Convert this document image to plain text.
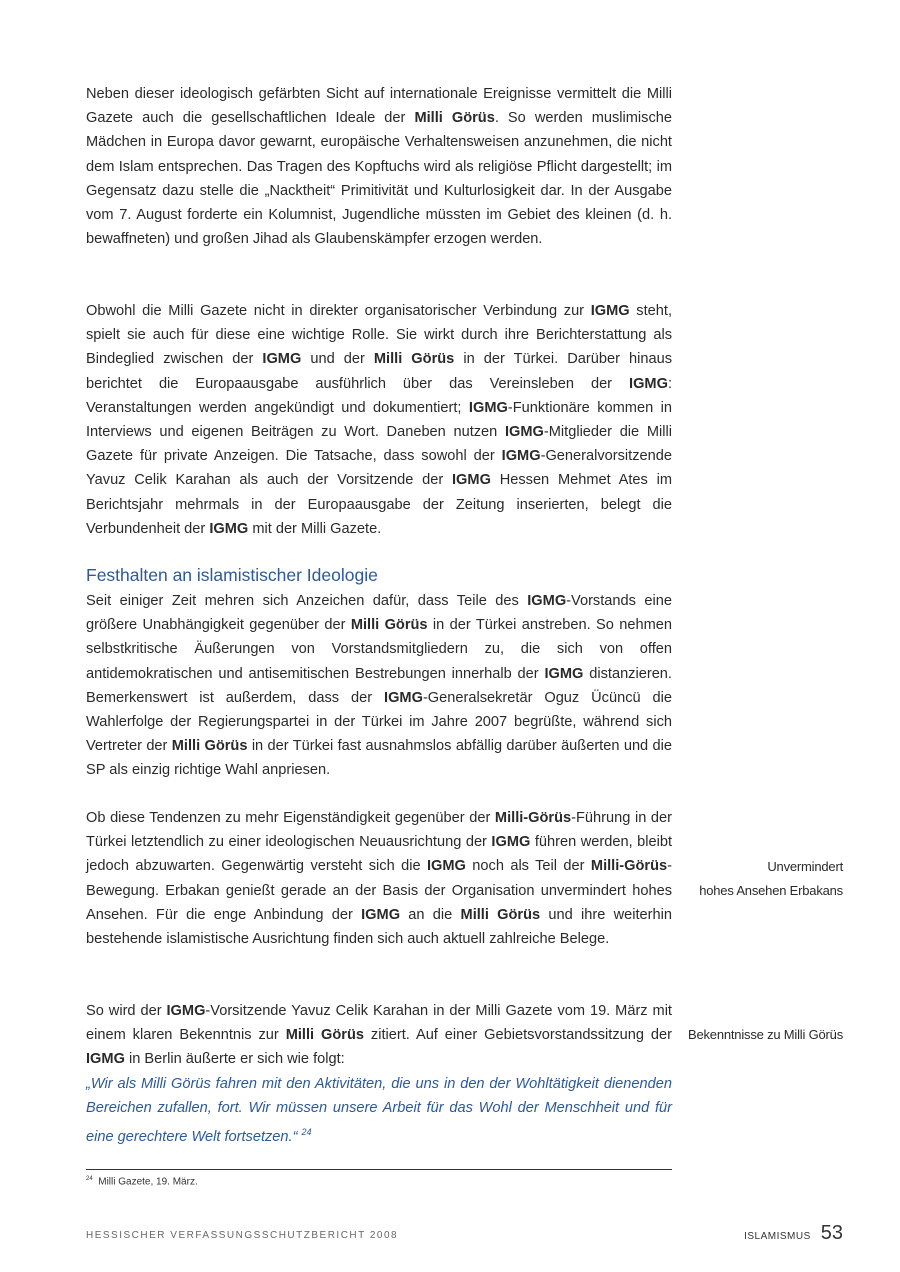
Neben dieser ideologisch gefärbten Sicht auf internationale Ereignisse vermittelt die Milli Gazete auch die gesellschaftlichen Ideale der Milli Görüs. So werden muslimische Mädchen in Europa davor gewarnt, europäische Verhaltensweisen anzunehmen, die nicht dem Islam entsprechen. Das Tragen des Kopftuchs wird als religiöse Pflicht dargestellt; im Gegensatz dazu stelle die „Nacktheit“ Primitivität und Kulturlosigkeit dar. In der Ausgabe vom 7. August forderte ein Kolumnist, Jugendliche müssten im Gebiet des kleinen (d. h. bewaffneten) und großen Jihad als Glaubenskämpfer erzogen werden.

Obwohl die Milli Gazete nicht in direkter organisatorischer Verbindung zur IGMG steht, spielt sie auch für diese eine wichtige Rolle. Sie wirkt durch ihre Berichterstattung als Bindeglied zwischen der IGMG und der Milli Görüs in der Türkei. Darüber hinaus berichtet die Europaausgabe ausführlich über das Vereinsleben der IGMG: Veranstaltungen werden angekündigt und dokumentiert; IGMG-Funktionäre kommen in Interviews und eigenen Beiträgen zu Wort. Daneben nutzen IGMG-Mitglieder die Milli Gazete für private Anzeigen. Die Tatsache, dass sowohl der IGMG-Generalvorsitzende Yavuz Celik Karahan als auch der Vorsitzende der IGMG Hessen Mehmet Ates im Berichtsjahr mehrmals in der Europaausgabe der Zeitung inserierten, belegt die Verbundenheit der IGMG mit der Milli Gazete.

Festhalten an islamistischer Ideologie

Seit einiger Zeit mehren sich Anzeichen dafür, dass Teile des IGMG-Vorstands eine größere Unabhängigkeit gegenüber der Milli Görüs in der Türkei anstreben. So nehmen selbstkritische Äußerungen von Vorstandsmitgliedern zu, die sich von offen antidemokratischen und antisemitischen Bestrebungen innerhalb der IGMG distanzieren. Bemerkenswert ist außerdem, dass der IGMG-Generalsekretär Oguz Ücüncü die Wahlerfolge der Regierungspartei in der Türkei im Jahre 2007 begrüßte, während sich Vertreter der Milli Görüs in der Türkei fast ausnahmslos abfällig darüber äußerten und die SP als einzig richtige Wahl anpriesen.

Ob diese Tendenzen zu mehr Eigenständigkeit gegenüber der Milli-Görüs-Führung in der Türkei letztendlich zu einer ideologischen Neuausrichtung der IGMG führen werden, bleibt jedoch abzuwarten. Gegenwärtig versteht sich die IGMG noch als Teil der Milli-Görüs-Bewegung. Erbakan genießt gerade an der Basis der Organisation unvermindert hohes Ansehen. Für die enge Anbindung der IGMG an die Milli Görüs und ihre weiterhin bestehende islamistische Ausrichtung finden sich auch aktuell zahlreiche Belege.

So wird der IGMG-Vorsitzende Yavuz Celik Karahan in der Milli Gazete vom 19. März mit einem klaren Bekenntnis zur Milli Görüs zitiert. Auf einer Gebietsvorstandssitzung der IGMG in Berlin äußerte er sich wie folgt:

„Wir als Milli Görüs fahren mit den Aktivitäten, die uns in den der Wohltätigkeit dienenden Bereichen zufallen, fort. Wir müssen unsere Arbeit für das Wohl der Menschheit und für eine gerechtere Welt fortsetzen.“ $^{24}$

Unvermindert
hohes Ansehen Erbakans
Bekenntnisse zu Milli Görüs
$^{24}$ Milli Gazete, 19. März.
HESSISCHER VERFASSUNGSSCHUTZBERICHT 2008	ISLAMISMUS 53
